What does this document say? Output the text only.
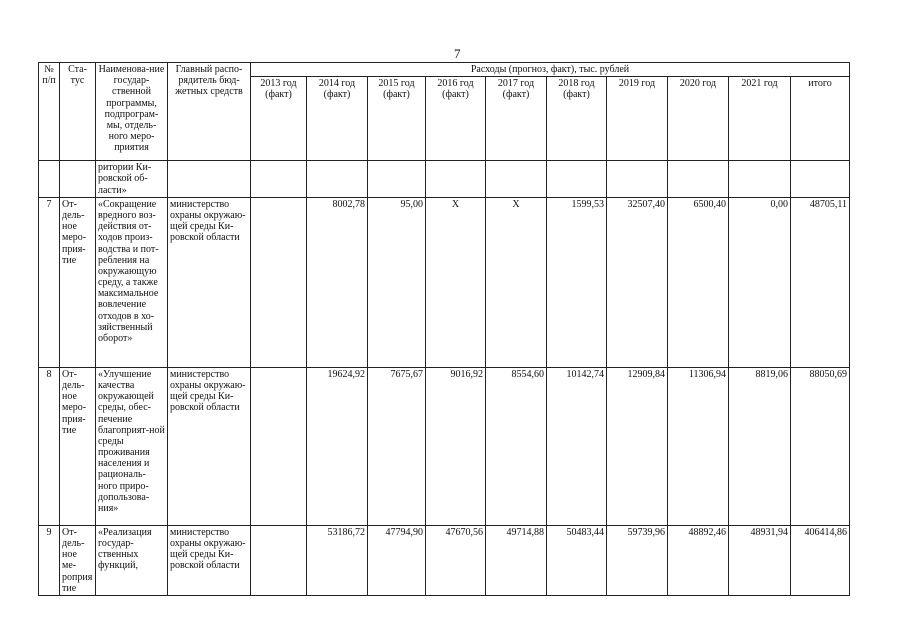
7
№ п/п	Ста-тус	Наименова-ние государ-ственной программы, подпрограм-мы, отдель-ного меро-приятия	Главный распо-рядитель бюд-жетных средств	Расходы (прогноз, факт), тыс. рублей									
				2013 год (факт)	2014 год (факт)	2015 год (факт)	2016 год (факт)	2017 год (факт)	2018 год (факт)	2019 год	2020 год	2021 год	итого
		ритории Ки-ровской об-ласти»											
7	От-дель-ное меро-прия-тие	«Сокращение вредного воз-действия от-ходов произ-водства и пот-ребления на окружающую среду, а также максимальное вовлечение отходов в хо-зяйственный оборот»	министерство охраны окружаю-щей среды Ки-ровской области		8002,78	95,00	X	X	1599,53	32507,40	6500,40	0,00	48705,11
8	От-дель-ное меро-прия-тие	«Улучшение качества окружающей среды, обес-печение благоприят-ной среды проживания населения и рациональ-ного приро-допользова-ния»	министерство охраны окружаю-щей среды Ки-ровской области		19624,92	7675,67	9016,92	8554,60	10142,74	12909,84	11306,94	8819,06	88050,69
9	От-дель-ное ме-роприятие	«Реализация государ-ственных функций,	министерство охраны окружаю-щей среды Ки-ровской области		53186,72	47794,90	47670,56	49714,88	50483,44	59739,96	48892,46	48931,94	406414,86
